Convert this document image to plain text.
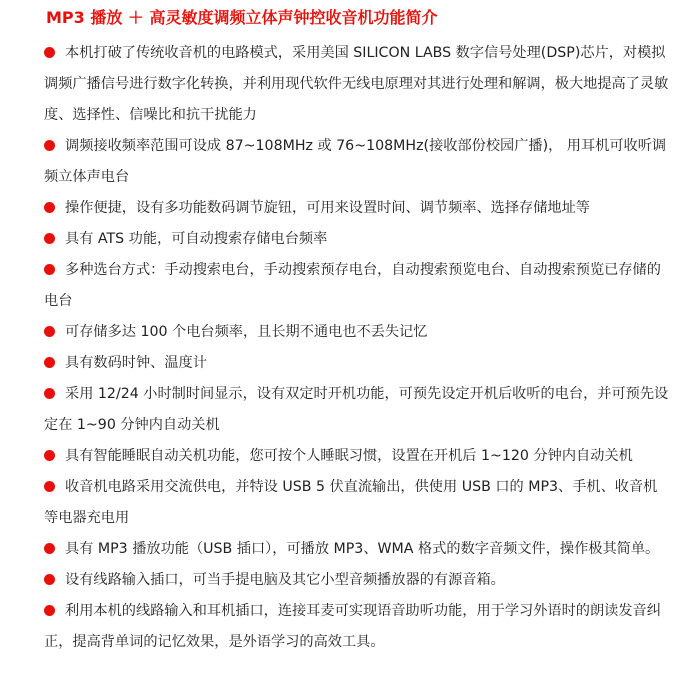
MP3 播放 ＋ 高灵敏度调频立体声钟控收音机功能简介
本机打破了传统收音机的电路模式，采用美国 SILICON LABS 数字信号处理(DSP)芯片，对模拟调频广播信号进行数字化转换，并利用现代软件无线电原理对其进行处理和解调，极大地提高了灵敏度、选择性、信噪比和抗干扰能力
调频接收频率范围可设成 87~108MHz 或 76~108MHz(接收部份校园广播)， 用耳机可收听调频立体声电台
操作便捷，设有多功能数码调节旋钮，可用来设置时间、调节频率、选择存储地址等
具有 ATS 功能，可自动搜索存储电台频率
多种选台方式：手动搜索电台，手动搜索预存电台，自动搜索预览电台、自动搜索预览已存储的电台
可存储多达 100 个电台频率，且长期不通电也不丢失记忆
具有数码时钟、温度计
采用 12/24 小时制时间显示，设有双定时开机功能，可预先设定开机后收听的电台，并可预先设定在 1~90 分钟内自动关机
具有智能睡眠自动关机功能，您可按个人睡眠习惯，设置在开机后 1~120 分钟内自动关机
收音机电路采用交流供电，并特设 USB 5 伏直流输出，供使用 USB 口的 MP3、手机、收音机等电器充电用
具有 MP3 播放功能（USB 插口），可播放 MP3、WMA 格式的数字音频文件，操作极其简单。
设有线路输入插口，可当手提电脑及其它小型音频播放器的有源音箱。
利用本机的线路输入和耳机插口，连接耳麦可实现语音助听功能，用于学习外语时的朗读发音纠正，提高背单词的记忆效果，是外语学习的高效工具。
